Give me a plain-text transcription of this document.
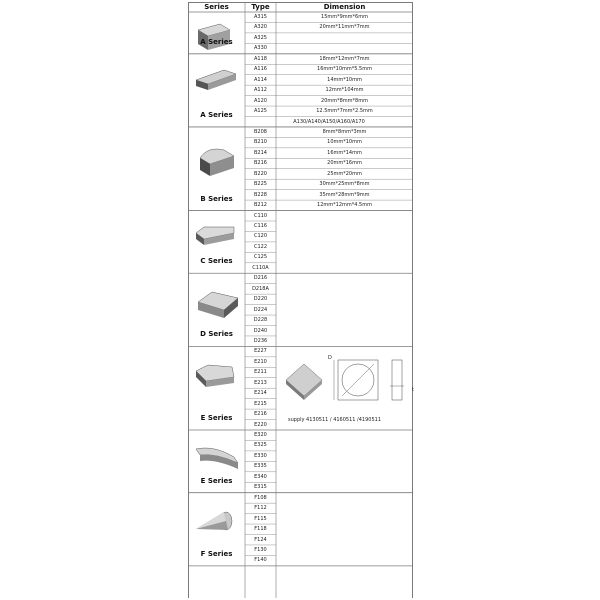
Series	Type	Dimension
A315	15mm*9mm*6mm
A320	20mm*11mm*7mm
A325
A330
A Series
A118	18mm*12mm*7mm
A116	16mm*10mm*5.5mm
A114	14mm*10mm
A112	12mm*104mm
A120	20mm*8mm*8mm
A125	12.5mm*7mm*2.5mm
A130/A140/A150/A160/A170
A Series
B208	8mm*8mm*3mm
B210	10mm*10mm
B214	16mm*14mm
B216	20mm*16mm
B220	25mm*20mm
B225	30mm*25mm*8mm
B228	35mm*28mm*9mm
B212	12mm*12mm*4.5mm
B Series
C110
C116
C120
C122
C125
C110A
C Series
D216
D218A
D220
D224
D228
D240
D236
D Series
E227
E210
E211
E213
E214
E215
E216
E220
E Series
D
t
supply 4130511 / 4160511 /4190511
E320
E325
E330
E335
E340
E315
E Series
F108
F112
F115
F118
F124
F130
F140
F Series
